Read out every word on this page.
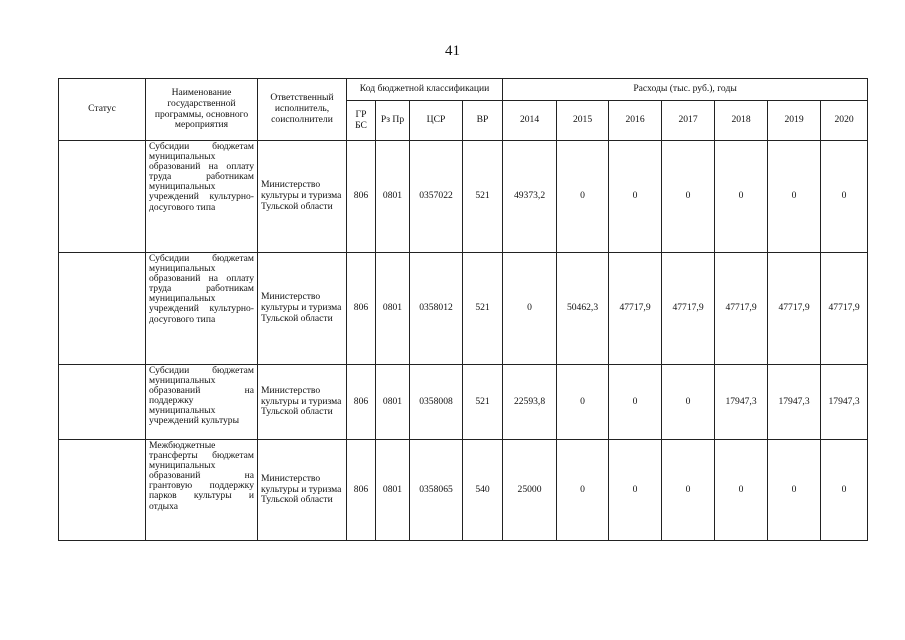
41
Статус	Наименование государственной программы, основного мероприятия	Ответственный исполнитель, соисполнители	Код бюджетной классификации				Расходы (тыс. руб.), годы						
			ГР БС	Рз Пр	ЦСР	ВР	2014	2015	2016	2017	2018	2019	2020
	Субсидии бюджетам муниципальных образований на оплату труда работникам муниципальных учреждений культурно-досугового типа	Министерство культуры и туризма Тульской области	806	0801	0357022	521	49373,2	0	0	0	0	0	0
	Субсидии бюджетам муниципальных образований на оплату труда работникам муниципальных учреждений культурно-досугового типа	Министерство культуры и туризма Тульской области	806	0801	0358012	521	0	50462,3	47717,9	47717,9	47717,9	47717,9	47717,9
	Субсидии бюджетам муниципальных образований на поддержку муниципальных учреждений культуры	Министерство культуры и туризма Тульской области	806	0801	0358008	521	22593,8	0	0	0	17947,3	17947,3	17947,3
	Межбюджетные трансферты бюджетам муниципальных образований на грантовую поддержку парков культуры и отдыха	Министерство культуры и туризма Тульской области	806	0801	0358065	540	25000	0	0	0	0	0	0
